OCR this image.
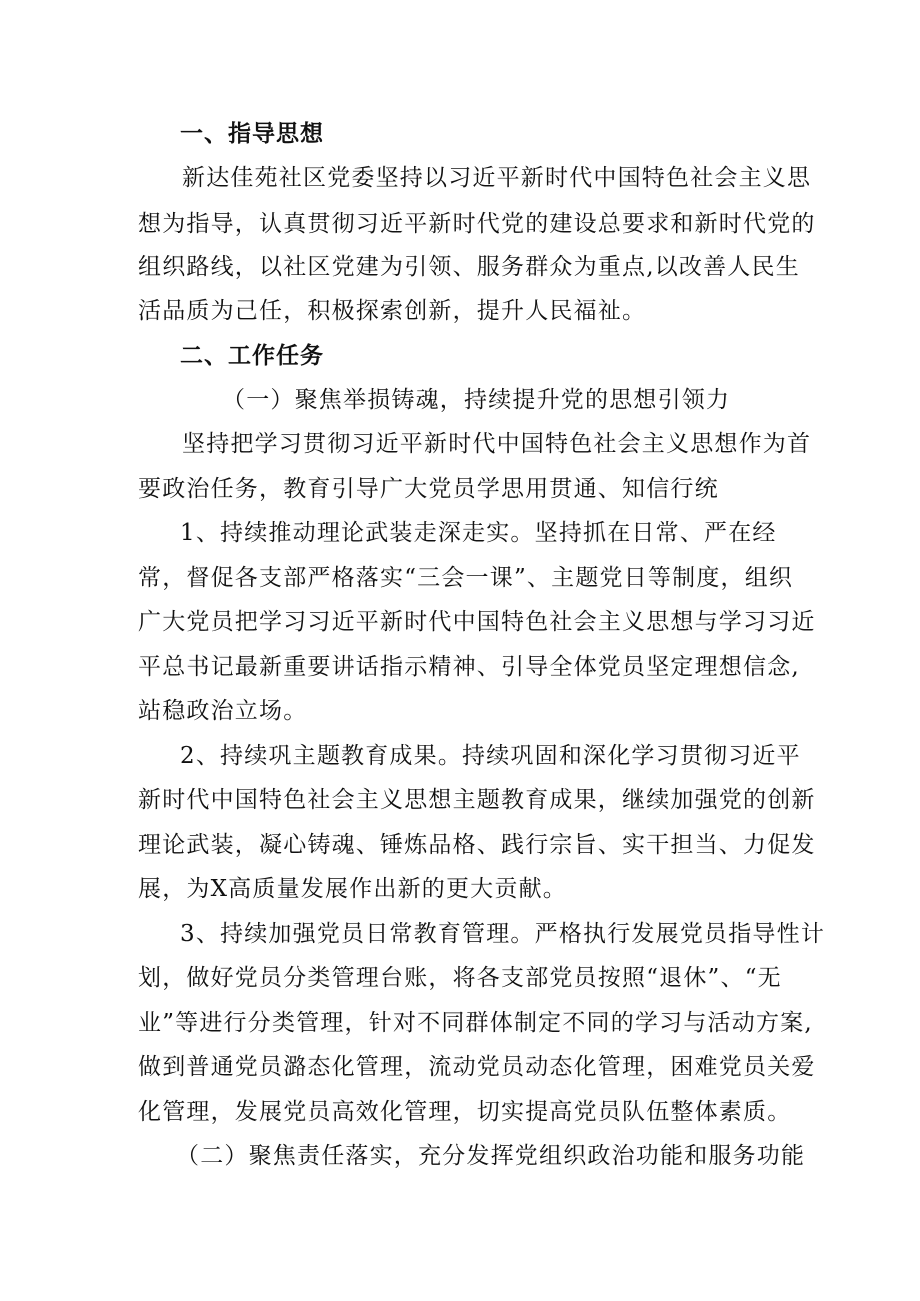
一、指导思想

新达佳苑社区党委坚持以习近平新时代中国特色社会主义思

想为指导，认真贯彻习近平新时代党的建设总要求和新时代党的

组织路线，以社区党建为引领、服务群众为重点,以改善人民生

活品质为己任，积极探索创新，提升人民福祉。

二、工作任务

（一）聚焦举损铸魂，持续提升党的思想引领力

坚持把学习贯彻习近平新时代中国特色社会主义思想作为首

要政治任务，教育引导广大党员学思用贯通、知信行统

1、持续推动理论武装走深走实。坚持抓在日常、严在经

常，督促各支部严格落实“三会一课”、主题党日等制度，组织

广大党员把学习习近平新时代中国特色社会主义思想与学习习近

平总书记最新重要讲话指示精神、引导全体党员坚定理想信念,

站稳政治立场。

2、持续巩主题教育成果。持续巩固和深化学习贯彻习近平

新时代中国特色社会主义思想主题教育成果，继续加强党的创新

理论武装，凝心铸魂、锤炼品格、践行宗旨、实干担当、力促发

展，为X高质量发展作出新的更大贡献。

3、持续加强党员日常教育管理。严格执行发展党员指导性计

划，做好党员分类管理台账，将各支部党员按照“退休”、“无

业”等进行分类管理，针对不同群体制定不同的学习与活动方案,

做到普通党员潞态化管理，流动党员动态化管理，困难党员关爱

化管理，发展党员高效化管理，切实提高党员队伍整体素质。

（二）聚焦责任落实，充分发挥党组织政治功能和服务功能
